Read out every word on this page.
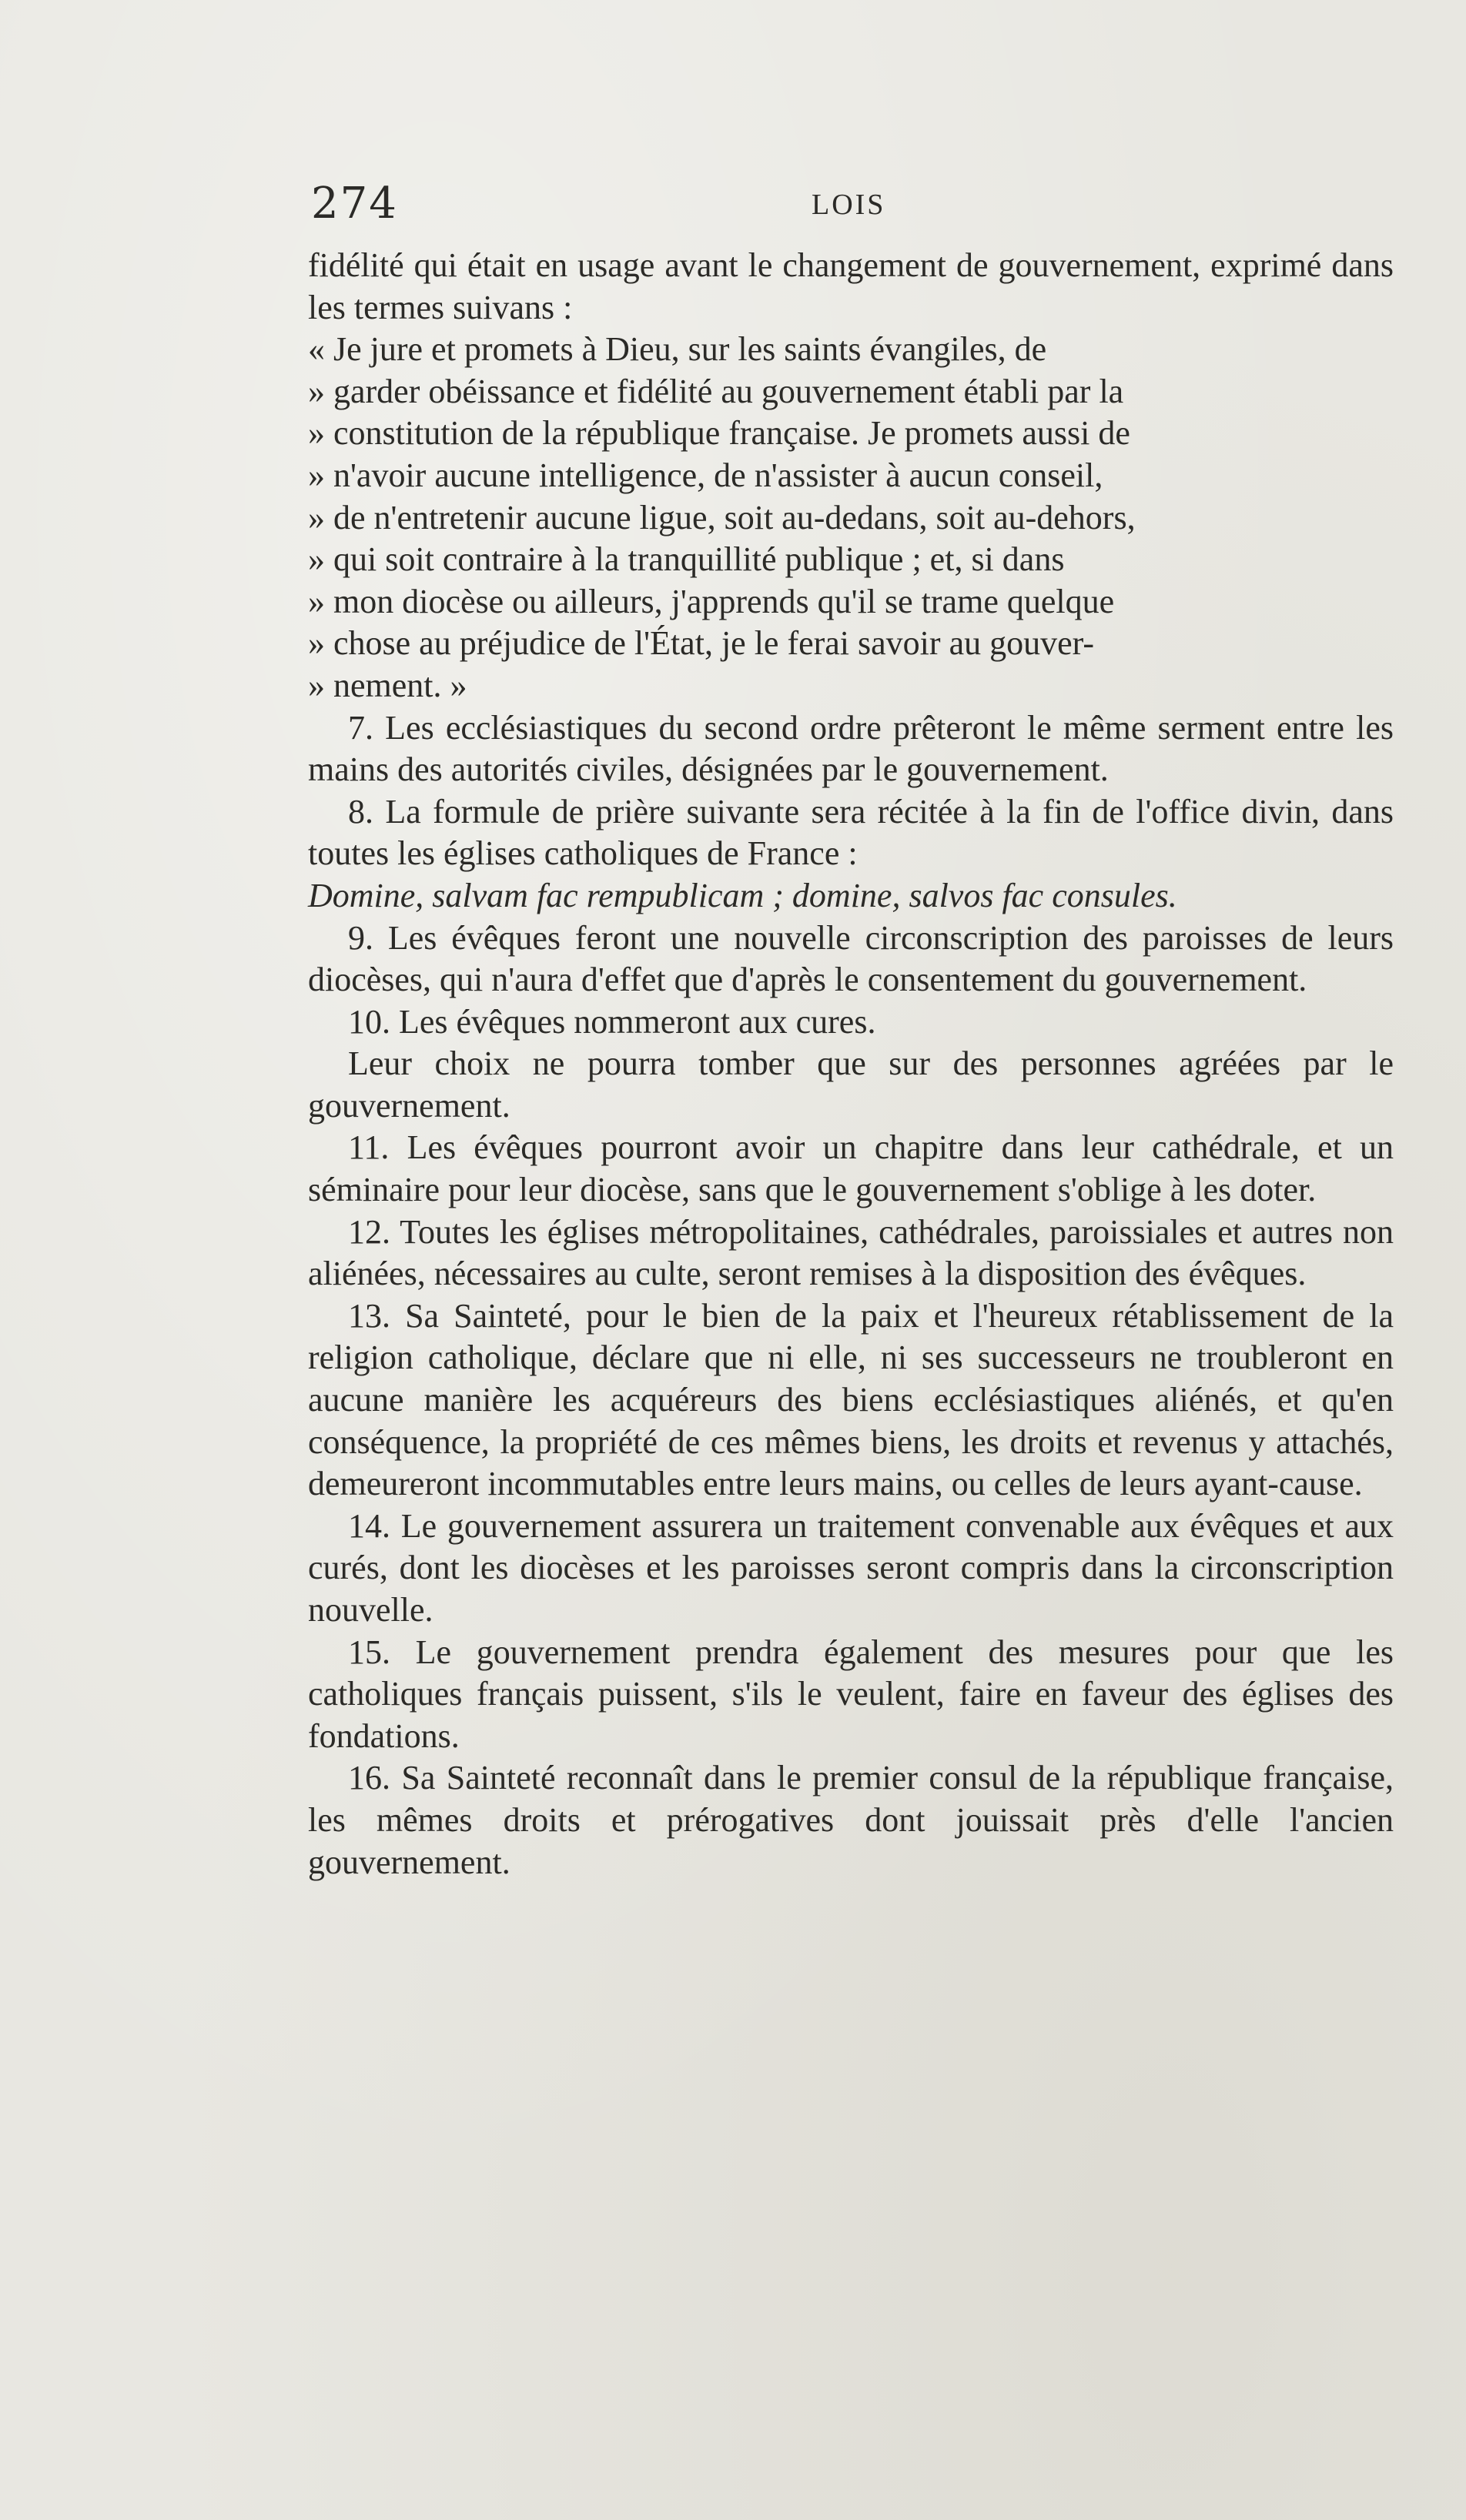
274	LOIS

fidélité qui était en usage avant le changement de gouvernement, exprimé dans les termes suivans :

« Je jure et promets à Dieu, sur les saints évangiles, de
» garder obéissance et fidélité au gouvernement établi par la
» constitution de la république française. Je promets aussi de
» n'avoir aucune intelligence, de n'assister à aucun conseil,
» de n'entretenir aucune ligue, soit au-dedans, soit au-dehors,
» qui soit contraire à la tranquillité publique ; et, si dans
» mon diocèse ou ailleurs, j'apprends qu'il se trame quelque
» chose au préjudice de l'État, je le ferai savoir au gouver-
» nement. »

7. Les ecclésiastiques du second ordre prêteront le même serment entre les mains des autorités civiles, désignées par le gouvernement.

8. La formule de prière suivante sera récitée à la fin de l'office divin, dans toutes les églises catholiques de France :

Domine, salvam fac rempublicam ; domine, salvos fac consules.

9. Les évêques feront une nouvelle circonscription des paroisses de leurs diocèses, qui n'aura d'effet que d'après le consentement du gouvernement.

10. Les évêques nommeront aux cures.

Leur choix ne pourra tomber que sur des personnes agréées par le gouvernement.

11. Les évêques pourront avoir un chapitre dans leur cathédrale, et un séminaire pour leur diocèse, sans que le gouvernement s'oblige à les doter.

12. Toutes les églises métropolitaines, cathédrales, paroissiales et autres non aliénées, nécessaires au culte, seront remises à la disposition des évêques.

13. Sa Sainteté, pour le bien de la paix et l'heureux rétablissement de la religion catholique, déclare que ni elle, ni ses successeurs ne troubleront en aucune manière les acquéreurs des biens ecclésiastiques aliénés, et qu'en conséquence, la propriété de ces mêmes biens, les droits et revenus y attachés, demeureront incommutables entre leurs mains, ou celles de leurs ayant-cause.

14. Le gouvernement assurera un traitement convenable aux évêques et aux curés, dont les diocèses et les paroisses seront compris dans la circonscription nouvelle.

15. Le gouvernement prendra également des mesures pour que les catholiques français puissent, s'ils le veulent, faire en faveur des églises des fondations.

16. Sa Sainteté reconnaît dans le premier consul de la république française, les mêmes droits et prérogatives dont jouissait près d'elle l'ancien gouvernement.
